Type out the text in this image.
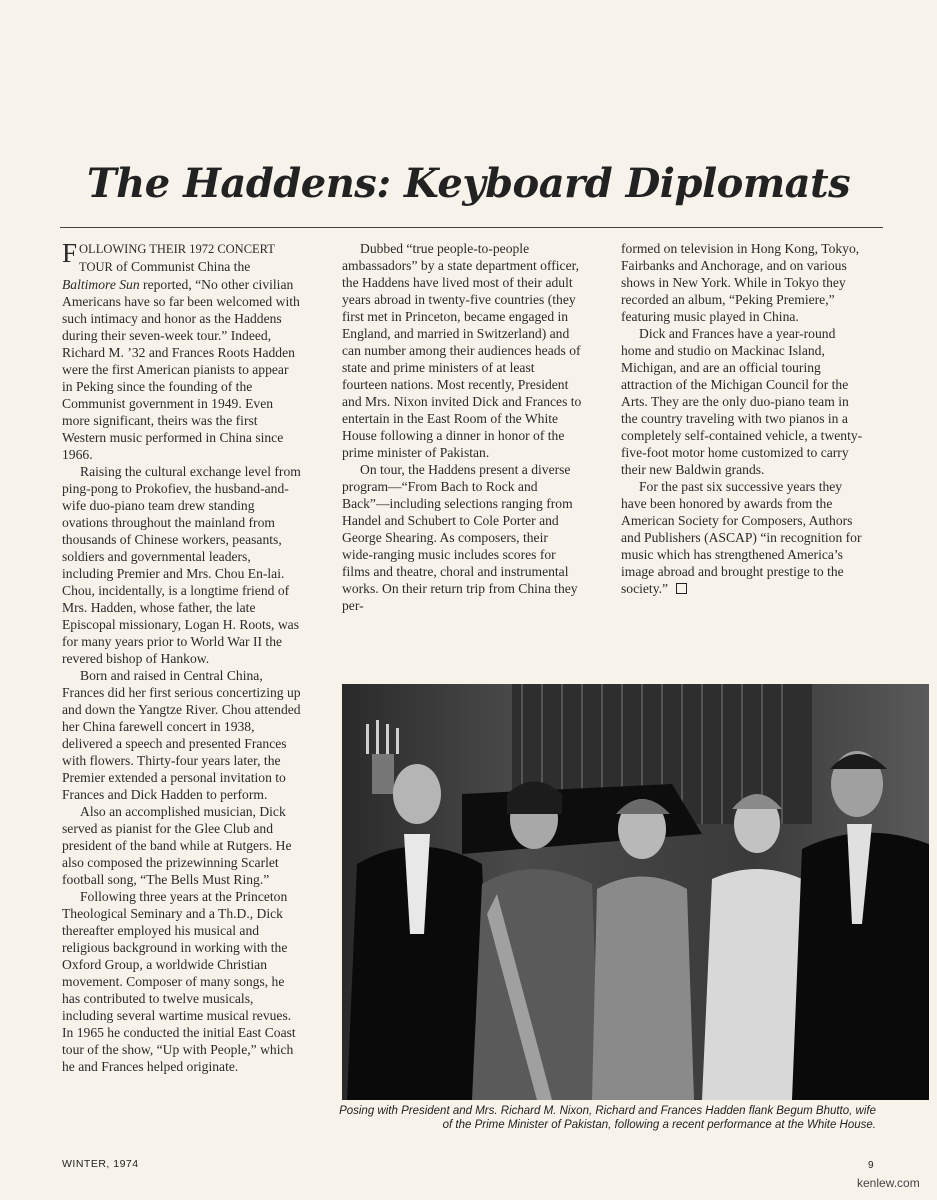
The Haddens: Keyboard Diplomats

FOLLOWING THEIR 1972 CONCERT TOUR of Communist China the Baltimore Sun reported, “No other civilian Americans have so far been welcomed with such intimacy and honor as the Haddens during their seven-week tour.” Indeed, Richard M. ’32 and Frances Roots Hadden were the first American pianists to appear in Peking since the founding of the Communist government in 1949. Even more significant, theirs was the first Western music performed in China since 1966.

Raising the cultural exchange level from ping-pong to Prokofiev, the husband-and-wife duo-piano team drew standing ovations throughout the mainland from thousands of Chinese workers, peasants, soldiers and governmental leaders, including Premier and Mrs. Chou En-lai. Chou, incidentally, is a longtime friend of Mrs. Hadden, whose father, the late Episcopal missionary, Logan H. Roots, was for many years prior to World War II the revered bishop of Hankow.

Born and raised in Central China, Frances did her first serious concertizing up and down the Yangtze River. Chou attended her China farewell concert in 1938, delivered a speech and presented Frances with flowers. Thirty-four years later, the Premier extended a personal invitation to Frances and Dick Hadden to perform.

Also an accomplished musician, Dick served as pianist for the Glee Club and president of the band while at Rutgers. He also composed the prizewinning Scarlet football song, “The Bells Must Ring.”

Following three years at the Princeton Theological Seminary and a Th.D., Dick thereafter employed his musical and religious background in working with the Oxford Group, a worldwide Christian movement. Composer of many songs, he has contributed to twelve musicals, including several wartime musical revues. In 1965 he conducted the initial East Coast tour of the show, “Up with People,” which he and Frances helped originate.

Dubbed “true people-to-people ambassadors” by a state department officer, the Haddens have lived most of their adult years abroad in twenty-five countries (they first met in Princeton, became engaged in England, and married in Switzerland) and can number among their audiences heads of state and prime ministers of at least fourteen nations. Most recently, President and Mrs. Nixon invited Dick and Frances to entertain in the East Room of the White House following a dinner in honor of the prime minister of Pakistan.

On tour, the Haddens present a diverse program—“From Bach to Rock and Back”—including selections ranging from Handel and Schubert to Cole Porter and George Shearing. As composers, their wide-ranging music includes scores for films and theatre, choral and instrumental works. On their return trip from China they per-

formed on television in Hong Kong, Tokyo, Fairbanks and Anchorage, and on various shows in New York. While in Tokyo they recorded an album, “Peking Premiere,” featuring music played in China.

Dick and Frances have a year-round home and studio on Mackinac Island, Michigan, and are an official touring attraction of the Michigan Council for the Arts. They are the only duo-piano team in the country traveling with two pianos in a completely self-contained vehicle, a twenty-five-foot motor home customized to carry their new Baldwin grands.

For the past six successive years they have been honored by awards from the American Society for Composers, Authors and Publishers (ASCAP) “in recognition for music which has strengthened America’s image abroad and brought prestige to the society.”

Posing with President and Mrs. Richard M. Nixon, Richard and Frances Hadden flank Begum Bhutto, wife of the Prime Minister of Pakistan, following a recent performance at the White House.

WINTER, 1974	9
kenlew.com
